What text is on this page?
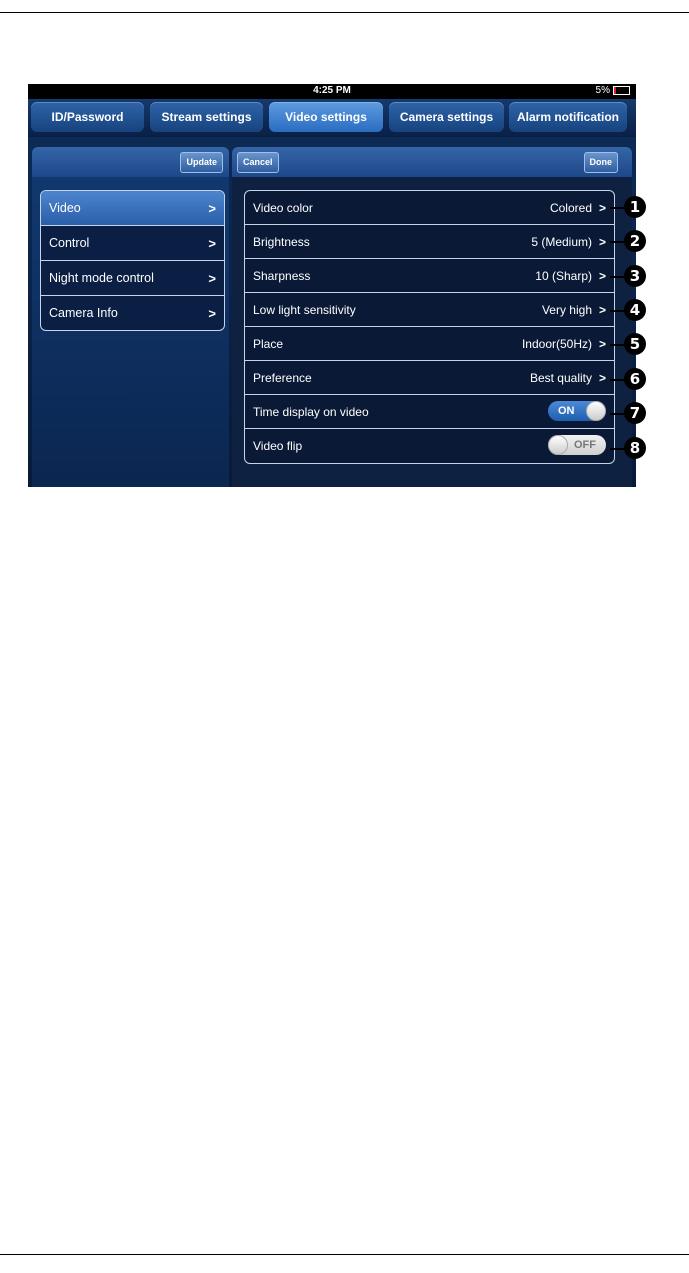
4:25 PM	5%
ID/Password	Stream settings	Video settings	Camera settings	Alarm notification
Update
Video	>
Control	>
Night mode control	>
Camera Info	>
Cancel	Done
Video color	Colored >
Brightness	5 (Medium) >
Sharpness	10 (Sharp) >
Low light sensitivity	Very high >
Place	Indoor(50Hz) >
Preference	Best quality >
Time display on video	ON
Video flip	OFF
1
2
3
4
5
6
7
8
